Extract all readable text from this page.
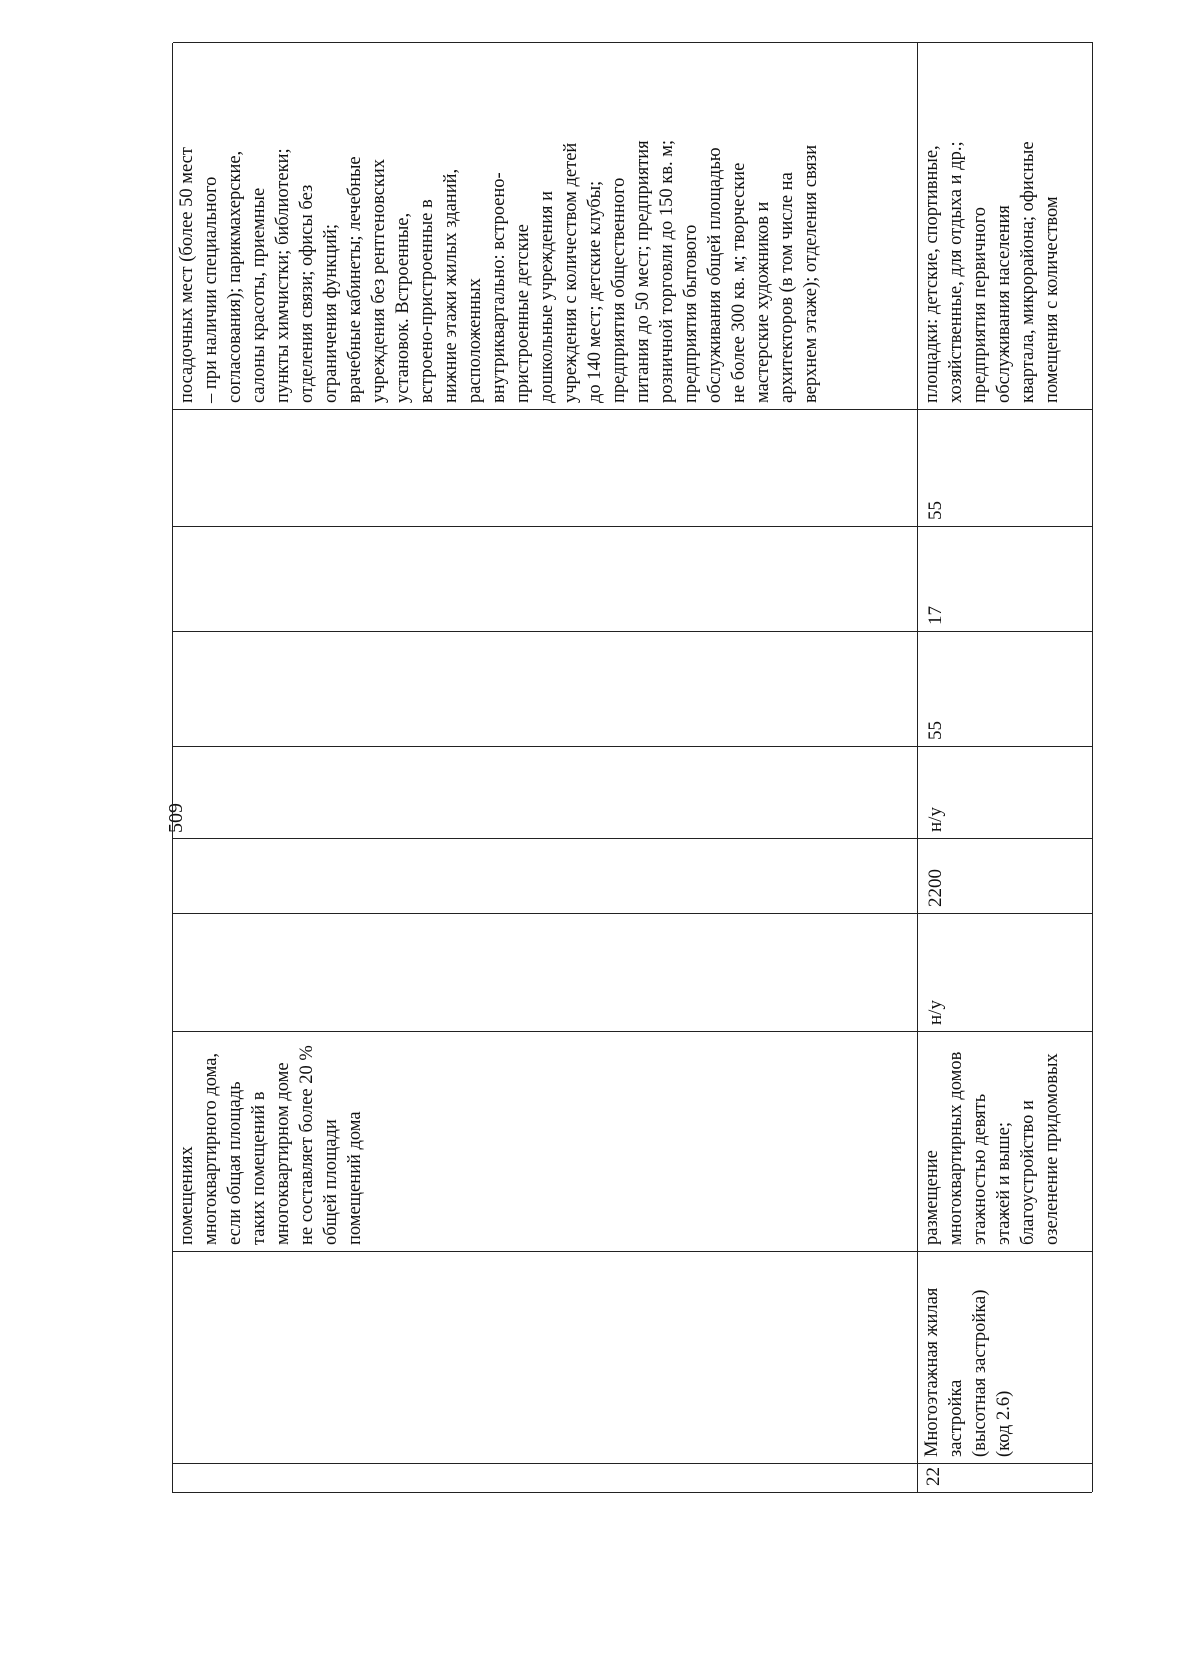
509
помещениях
многоквартирного дома,
если общая площадь
таких помещений в
многоквартирном доме
не составляет более 20 %
общей площади
помещений дома
посадочных мест (более 50 мест
– при наличии специального
согласования); парикмахерские,
салоны красоты, приемные
пункты химчистки; библиотеки;
отделения связи; офисы без
ограничения функций;
врачебные кабинеты; лечебные
учреждения без рентгеновских
установок. Встроенные,
встроено-пристроенные в
нижние этажи жилых зданий,
расположенных
внутриквартально: встроено-
пристроенные детские
дошкольные учреждения и
учреждения с количеством детей
до 140 мест; детские клубы;
предприятия общественного
питания до 50 мест; предприятия
розничной торговли до 150 кв. м;
предприятия бытового
обслуживания общей площадью
не более 300 кв. м; творческие
мастерские художников и
архитекторов (в том числе на
верхнем этаже); отделения связи
22
Многоэтажная жилая
застройка
(высотная застройка)
(код 2.6)
размещение
многоквартирных домов
этажностью девять
этажей и выше;
благоустройство и
озеленение придомовых
н/у
2200
н/у
55
17
55
площадки: детские, спортивные,
хозяйственные, для отдыха и др.;
предприятия первичного
обслуживания населения
квартала, микрорайона; офисные
помещения с количеством
